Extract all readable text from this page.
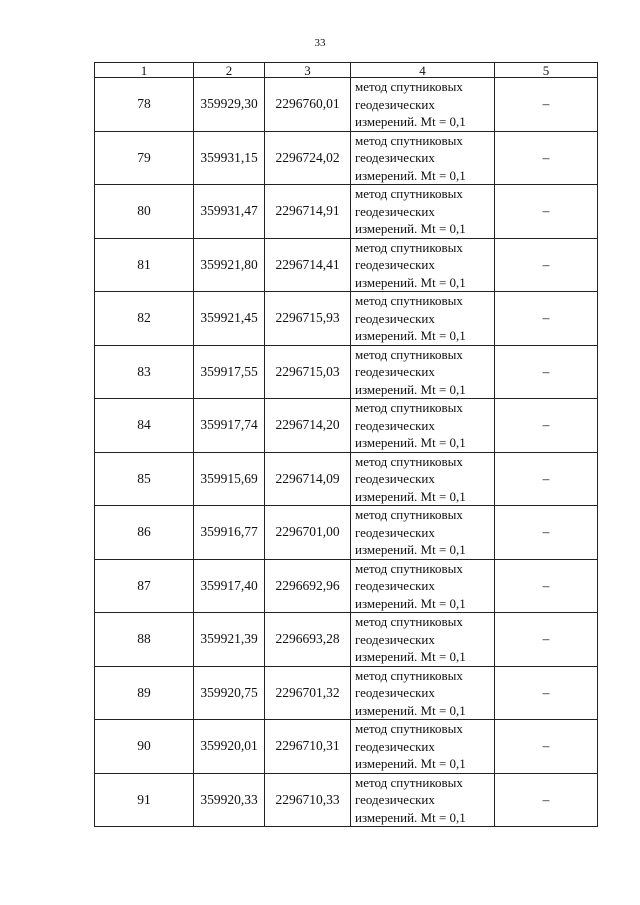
33
1	2	3	4	5
78	359929,30	2296760,01	метод спутниковых
геодезических
измерений. Mt = 0,1	–
79	359931,15	2296724,02	метод спутниковых
геодезических
измерений. Mt = 0,1	–
80	359931,47	2296714,91	метод спутниковых
геодезических
измерений. Mt = 0,1	–
81	359921,80	2296714,41	метод спутниковых
геодезических
измерений. Mt = 0,1	–
82	359921,45	2296715,93	метод спутниковых
геодезических
измерений. Mt = 0,1	–
83	359917,55	2296715,03	метод спутниковых
геодезических
измерений. Mt = 0,1	–
84	359917,74	2296714,20	метод спутниковых
геодезических
измерений. Mt = 0,1	–
85	359915,69	2296714,09	метод спутниковых
геодезических
измерений. Mt = 0,1	–
86	359916,77	2296701,00	метод спутниковых
геодезических
измерений. Mt = 0,1	–
87	359917,40	2296692,96	метод спутниковых
геодезических
измерений. Mt = 0,1	–
88	359921,39	2296693,28	метод спутниковых
геодезических
измерений. Mt = 0,1	–
89	359920,75	2296701,32	метод спутниковых
геодезических
измерений. Mt = 0,1	–
90	359920,01	2296710,31	метод спутниковых
геодезических
измерений. Mt = 0,1	–
91	359920,33	2296710,33	метод спутниковых
геодезических
измерений. Mt = 0,1	–
